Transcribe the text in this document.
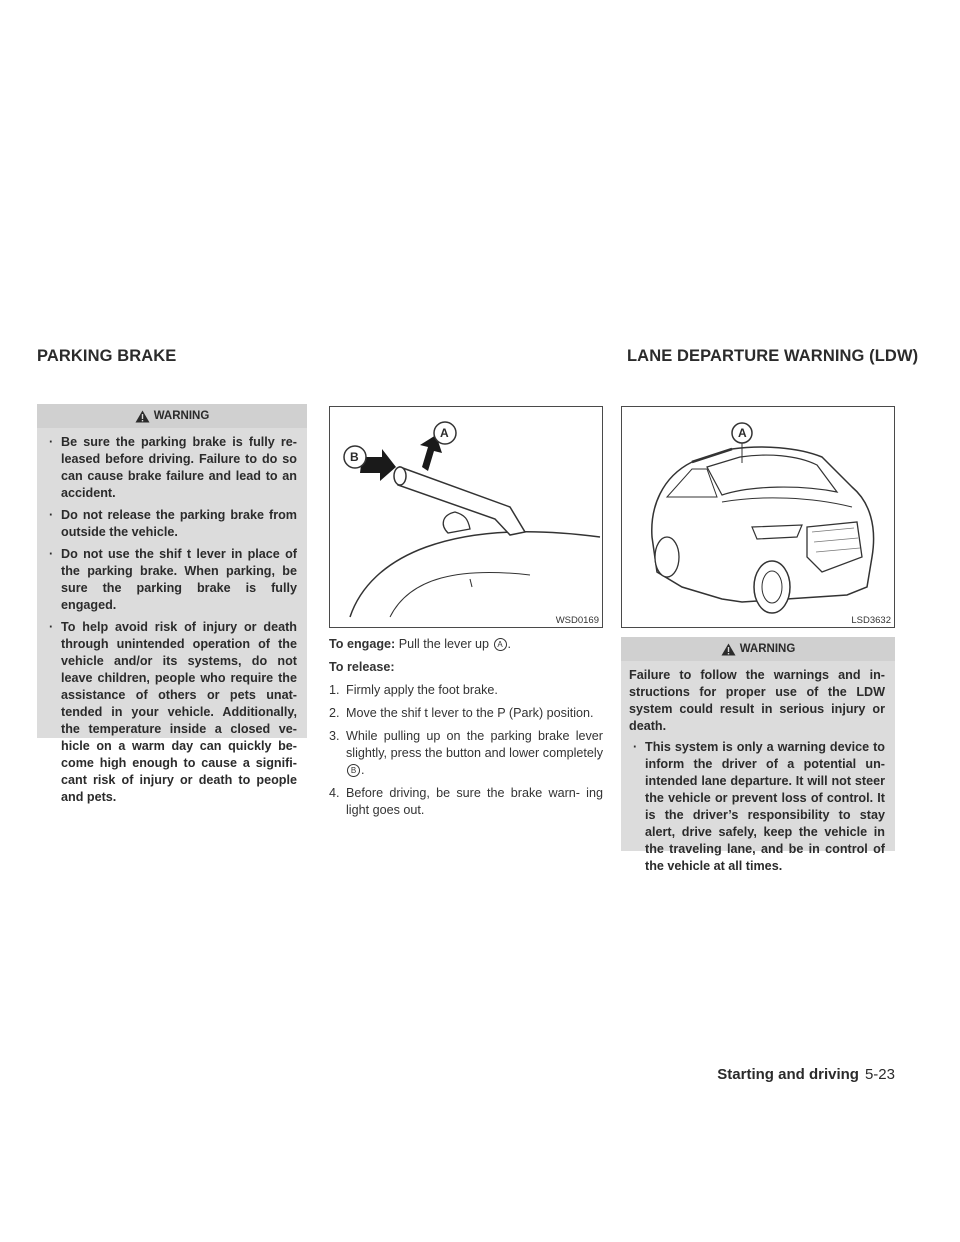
PARKING BRAKE	LANE DEPARTURE WARNING (LDW)
WARNING
· Be sure the parking brake is fully re- leased before driving. Failure to do so can cause brake failure and lead to an accident.
· Do not release the parking brake from outside the vehicle.
· Do not use the shif t lever in place of the parking brake. When parking, be sure the parking brake is fully engaged.
· To help avoid risk of injury or death through unintended operation of the vehicle and/or its systems, do not leave children, people who require the assistance of others or pets unat- tended in your vehicle. Additionally, the temperature inside a closed ve- hicle on a warm day can quickly be- come high enough to cause a signifi- cant risk of injury or death to people and pets.
B
A
WSD0169
A
LSD3632

To engage: Pull the lever up A .

To release:

1. Firmly apply the foot brake.
2. Move the shif t lever to the P (Park) position.
3. While pulling up on the parking brake lever slightly, press the button and lower completely B .
4. Before driving, be sure the brake warn- ing light goes out.
WARNING

Failure to follow the warnings and in- structions for proper use of the LDW system could result in serious injury or death.

· This system is only a warning device to inform the driver of a potential un- intended lane departure. It will not steer the vehicle or prevent loss of control. It is the driver’s responsibility to stay alert, drive safely, keep the vehicle in the traveling lane, and be in control of the vehicle at all times.
Starting and driving 5-23
